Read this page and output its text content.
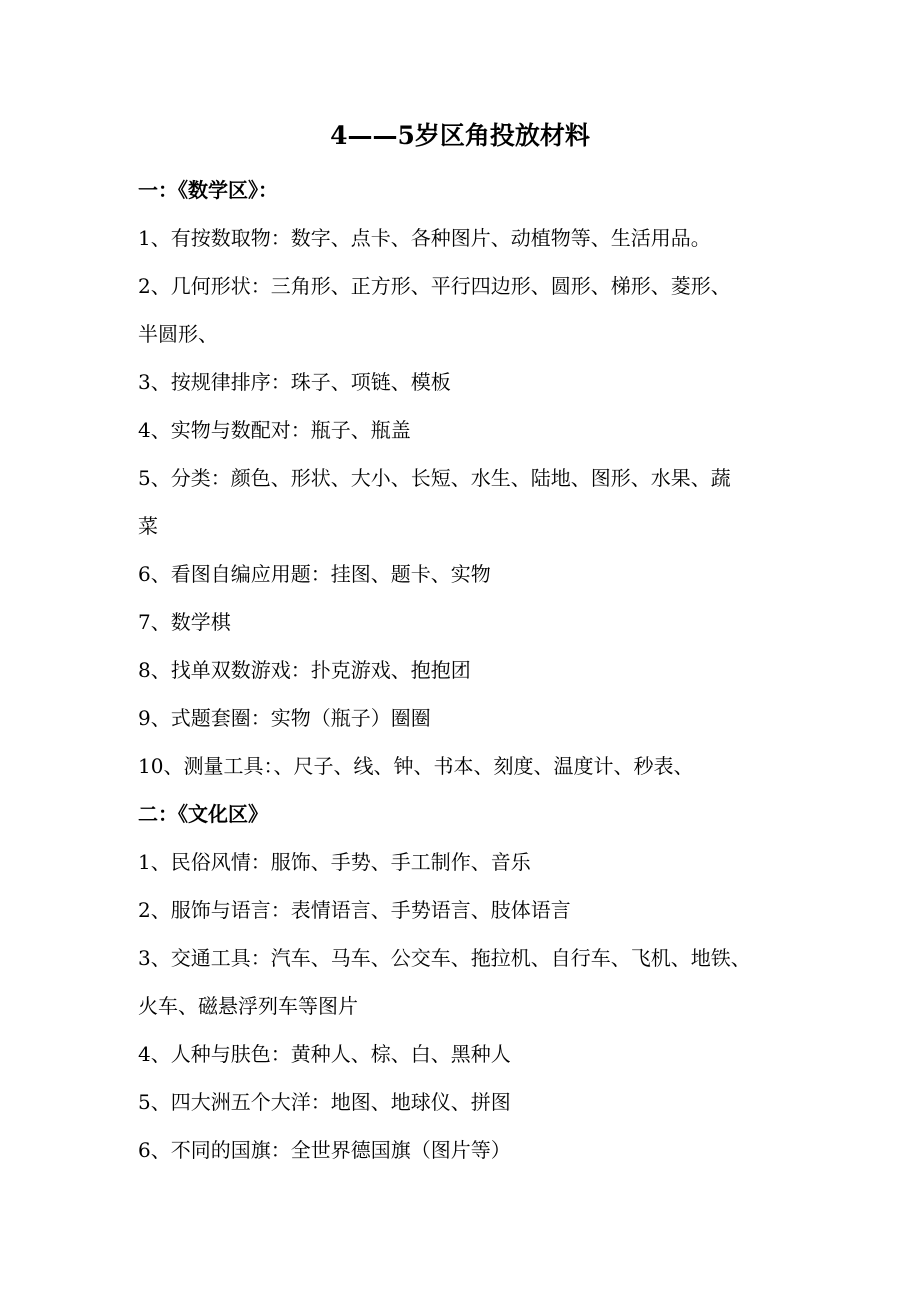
4——5岁区角投放材料
一：《数学区》：
1、有按数取物：数字、点卡、各种图片、动植物等、生活用品。
2、几何形状：三角形、正方形、平行四边形、圆形、梯形、菱形、
半圆形、
3、按规律排序：珠子、项链、模板
4、实物与数配对：瓶子、瓶盖
5、分类：颜色、形状、大小、长短、水生、陆地、图形、水果、蔬
菜
6、看图自编应用题：挂图、题卡、实物
7、数学棋
8、找单双数游戏：扑克游戏、抱抱团
9、式题套圈：实物（瓶子）圈圈
10、测量工具：、尺子、线、钟、书本、刻度、温度计、秒表、
二：《文化区》
1、民俗风情：服饰、手势、手工制作、音乐
2、服饰与语言：表情语言、手势语言、肢体语言
3、交通工具：汽车、马车、公交车、拖拉机、自行车、飞机、地铁、
火车、磁悬浮列车等图片
4、人种与肤色：黄种人、棕、白、黑种人
5、四大洲五个大洋：地图、地球仪、拼图
6、不同的国旗：全世界德国旗（图片等）
